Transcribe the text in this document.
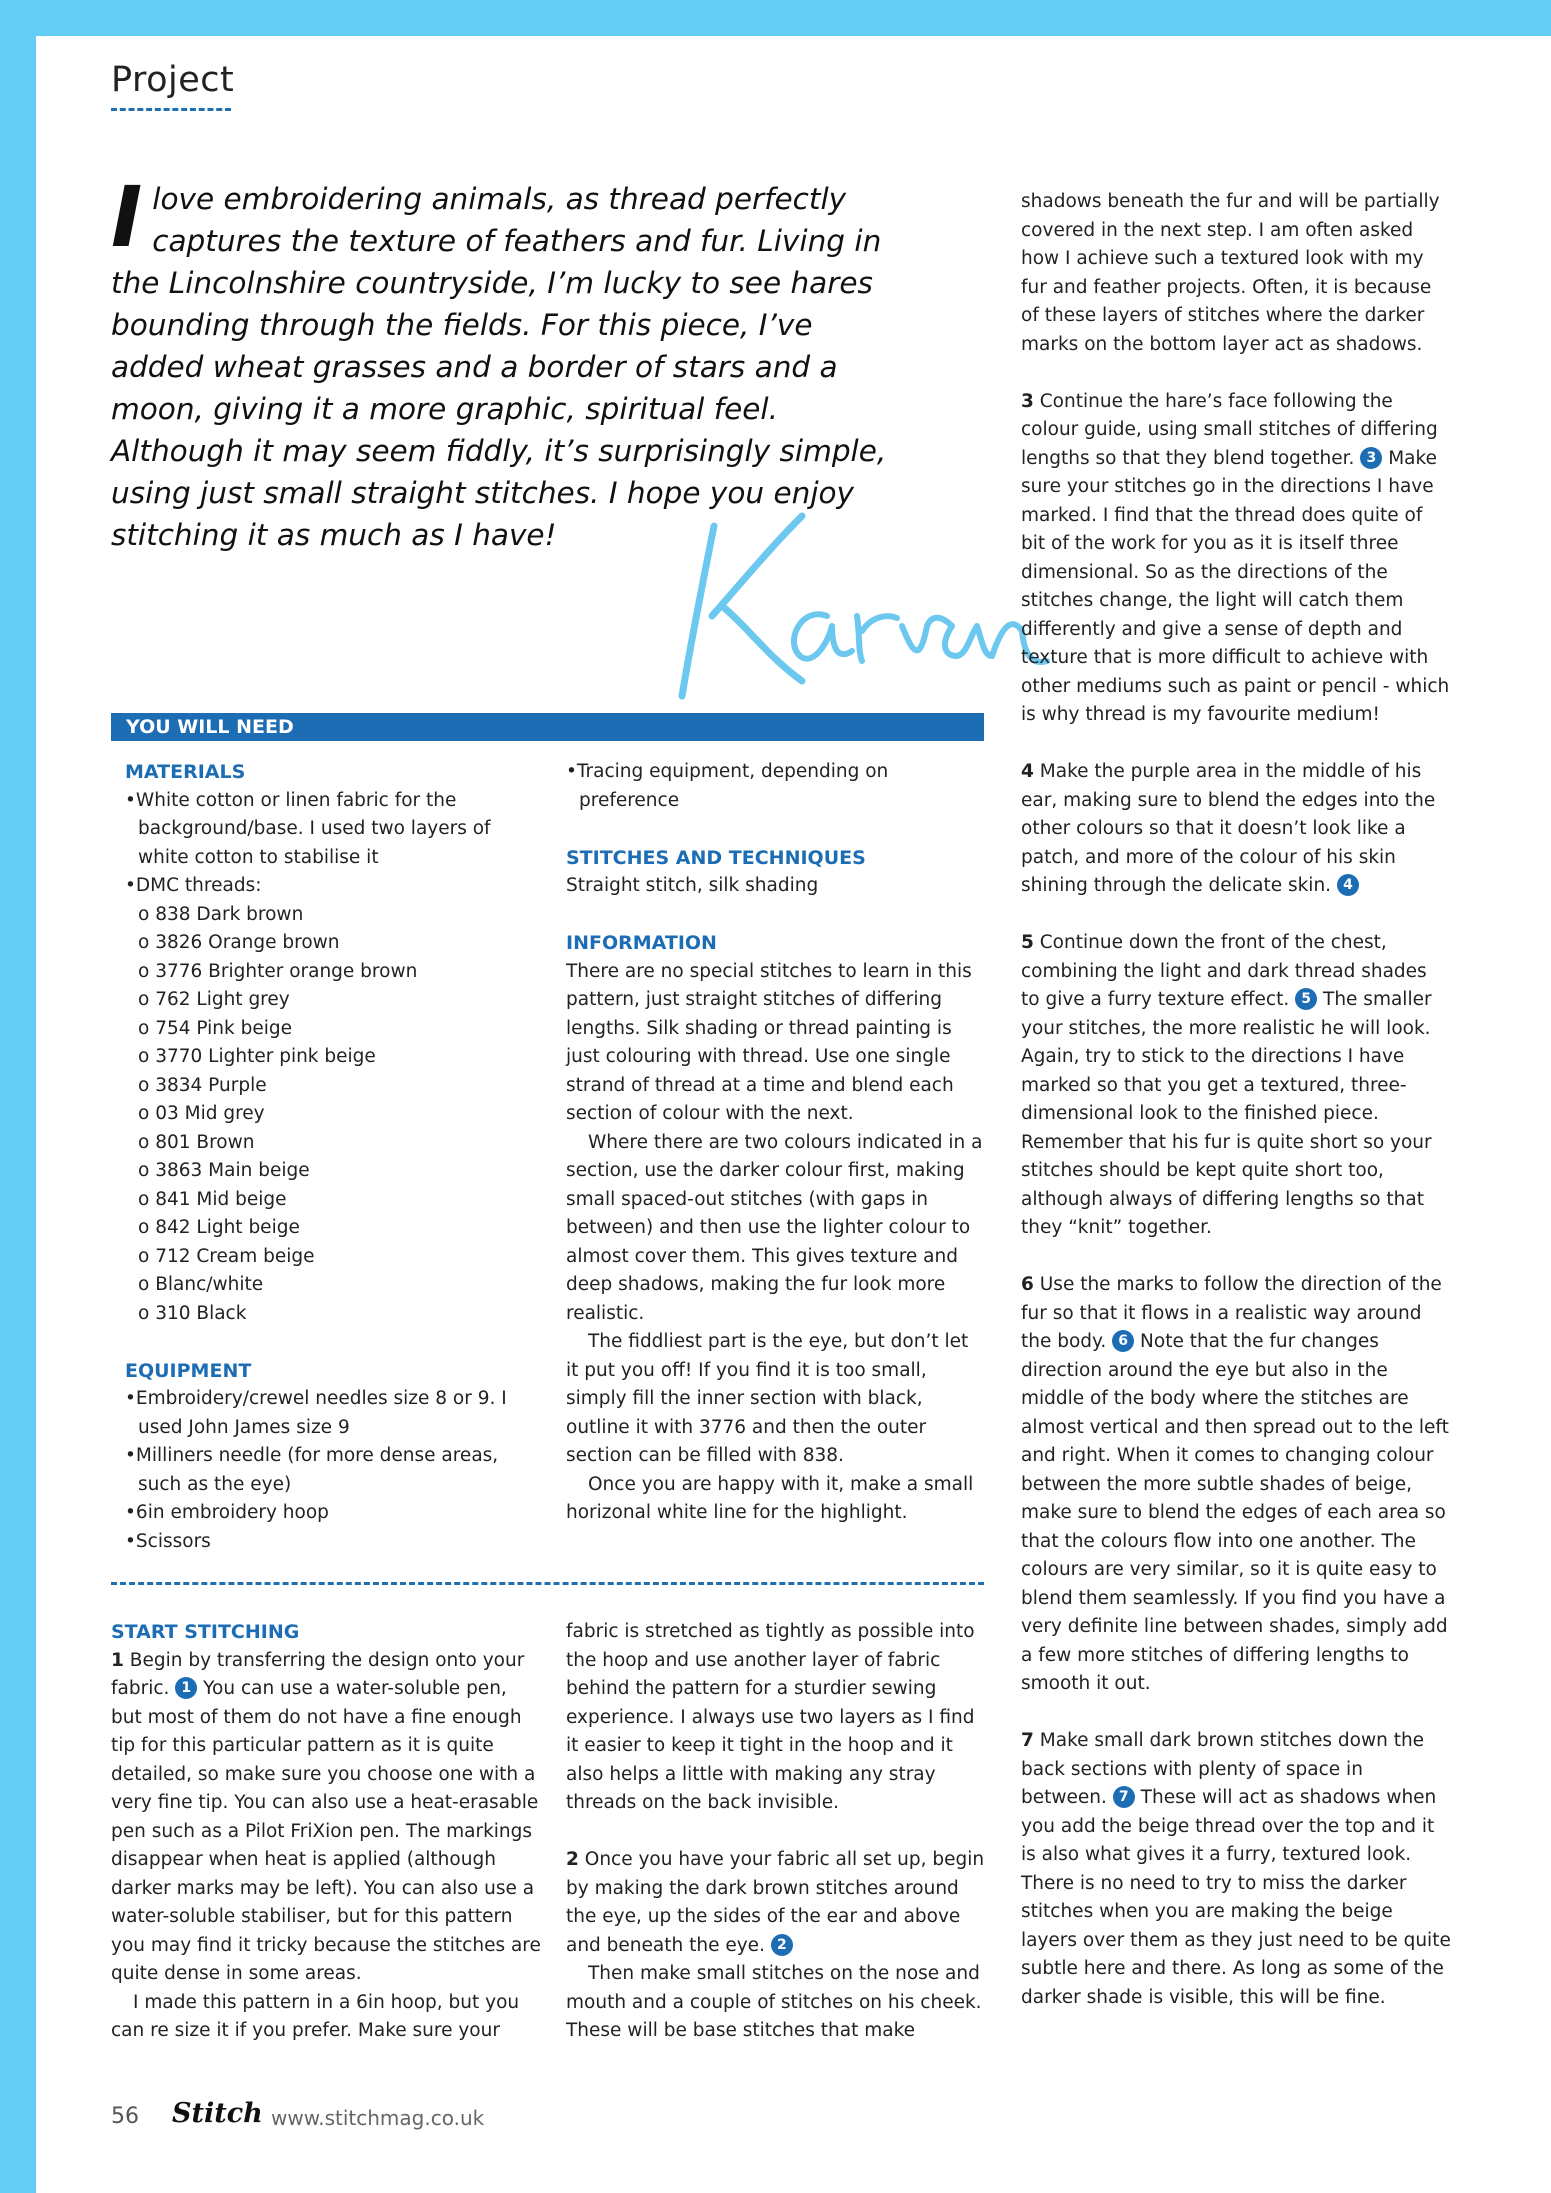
Project
Ilove embroidering animals, as thread perfectly captures the texture of feathers and fur. Living in the Lincolnshire countryside, I’m lucky to see hares bounding through the fields. For this piece, I’ve added wheat grasses and a border of stars and a moon, giving it a more graphic, spiritual feel. Although it may seem fiddly, it’s surprisingly simple, using just small straight stitches. I hope you enjoy stitching it as much as I have!
YOU WILL NEED
MATERIALS
• White cotton or linen fabric for the background/base. I used two layers of white cotton to stabilise it
• DMC threads:
o 838 Dark brown
o 3826 Orange brown
o 3776 Brighter orange brown
o 762 Light grey
o 754 Pink beige
o 3770 Lighter pink beige
o 3834 Purple
o 03 Mid grey
o 801 Brown
o 3863 Main beige
o 841 Mid beige
o 842 Light beige
o 712 Cream beige
o Blanc/white
o 310 Black
EQUIPMENT
• Embroidery/crewel needles size 8 or 9. I used John James size 9
• Milliners needle (for more dense areas, such as the eye)
• 6in embroidery hoop
• Scissors
• Tracing equipment, depending on preference
STITCHES AND TECHNIQUES

Straight stitch, silk shading

INFORMATION

There are no special stitches to learn in this pattern, just straight stitches of differing lengths. Silk shading or thread painting is just colouring with thread. Use one single strand of thread at a time and blend each section of colour with the next.

Where there are two colours indicated in a section, use the darker colour first, making small spaced-out stitches (with gaps in between) and then use the lighter colour to almost cover them. This gives texture and deep shadows, making the fur look more realistic.

The fiddliest part is the eye, but don’t let it put you off! If you find it is too small, simply fill the inner section with black, outline it with 3776 and then the outer section can be filled with 838.

Once you are happy with it, make a small horizonal white line for the highlight.

START STITCHING

1 Begin by transferring the design onto your fabric. 1 You can use a water-soluble pen, but most of them do not have a fine enough tip for this particular pattern as it is quite detailed, so make sure you choose one with a very fine tip. You can also use a heat-erasable pen such as a Pilot FriXion pen. The markings disappear when heat is applied (although darker marks may be left). You can also use a water-soluble stabiliser, but for this pattern you may find it tricky because the stitches are quite dense in some areas.

I made this pattern in a 6in hoop, but you can re size it if you prefer. Make sure your

fabric is stretched as tightly as possible into the hoop and use another layer of fabric behind the pattern for a sturdier sewing experience. I always use two layers as I find it easier to keep it tight in the hoop and it also helps a little with making any stray threads on the back invisible.

2 Once you have your fabric all set up, begin by making the dark brown stitches around the eye, up the sides of the ear and above and beneath the eye. 2

Then make small stitches on the nose and mouth and a couple of stitches on his cheek. These will be base stitches that make

shadows beneath the fur and will be partially covered in the next step. I am often asked how I achieve such a textured look with my fur and feather projects. Often, it is because of these layers of stitches where the darker marks on the bottom layer act as shadows.

3 Continue the hare’s face following the colour guide, using small stitches of differing lengths so that they blend together. 3 Make sure your stitches go in the directions I have marked. I find that the thread does quite of bit of the work for you as it is itself three dimensional. So as the directions of the stitches change, the light will catch them differently and give a sense of depth and texture that is more difficult to achieve with other mediums such as paint or pencil - which is why thread is my favourite medium!

4 Make the purple area in the middle of his ear, making sure to blend the edges into the other colours so that it doesn’t look like a patch, and more of the colour of his skin shining through the delicate skin. 4

5 Continue down the front of the chest, combining the light and dark thread shades to give a furry texture effect. 5 The smaller your stitches, the more realistic he will look. Again, try to stick to the directions I have marked so that you get a textured, three-dimensional look to the finished piece. Remember that his fur is quite short so your stitches should be kept quite short too, although always of differing lengths so that they “knit” together.

6 Use the marks to follow the direction of the fur so that it flows in a realistic way around the body. 6 Note that the fur changes direction around the eye but also in the middle of the body where the stitches are almost vertical and then spread out to the left and right. When it comes to changing colour between the more subtle shades of beige, make sure to blend the edges of each area so that the colours flow into one another. The colours are very similar, so it is quite easy to blend them seamlessly. If you find you have a very definite line between shades, simply add a few more stitches of differing lengths to smooth it out.

7 Make small dark brown stitches down the back sections with plenty of space in between. 7 These will act as shadows when you add the beige thread over the top and it is also what gives it a furry, textured look. There is no need to try to miss the darker stitches when you are making the beige layers over them as they just need to be quite subtle here and there. As long as some of the darker shade is visible, this will be fine.

56 Stitch www.stitchmag.co.uk
